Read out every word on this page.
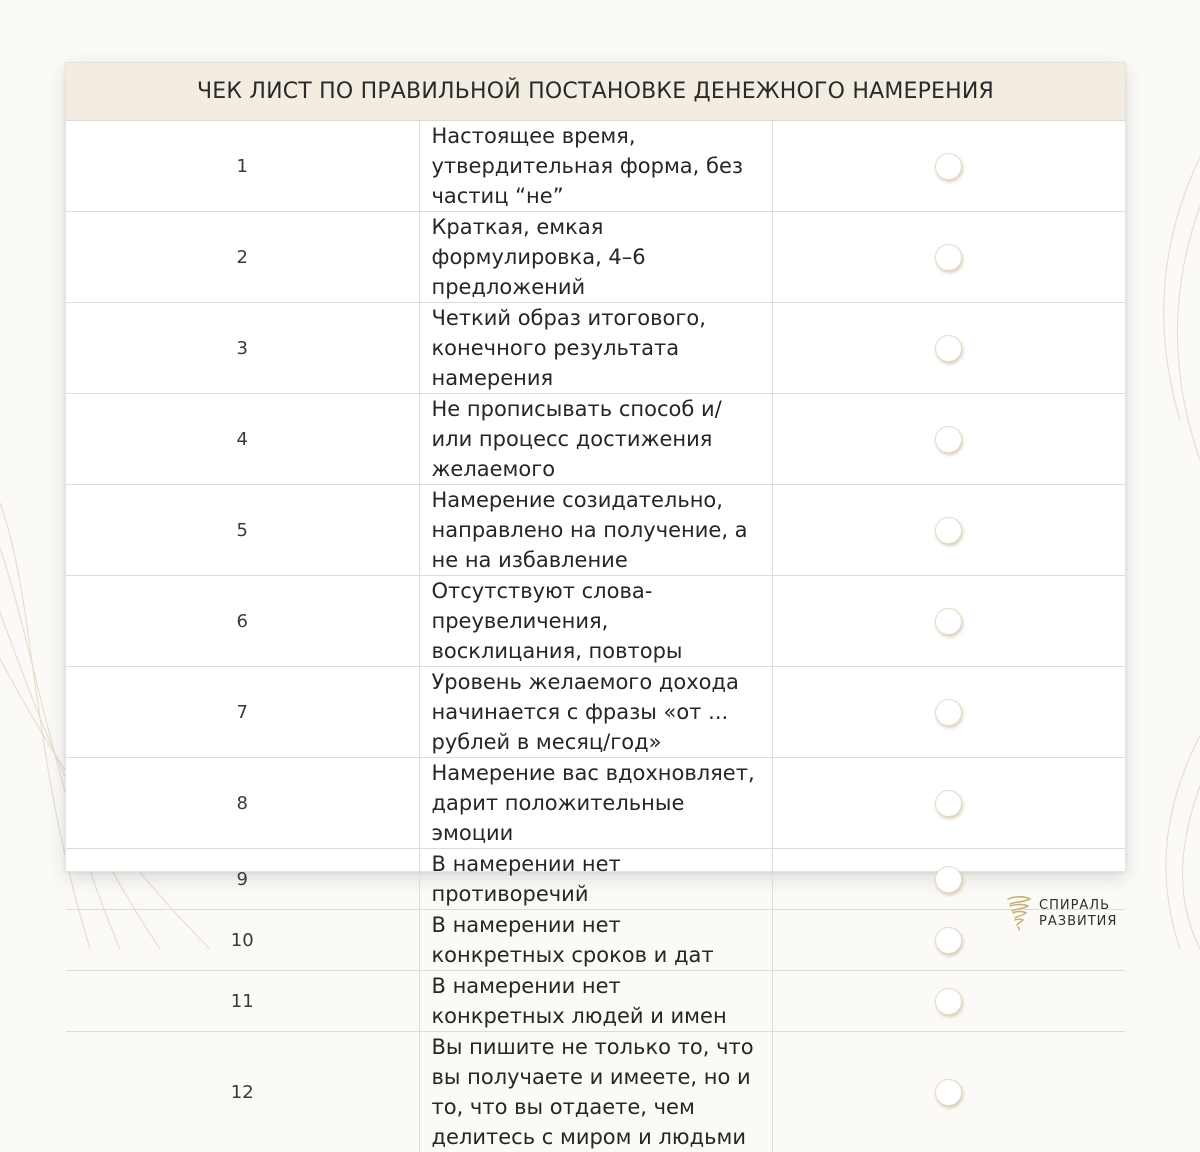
ЧЕК ЛИСТ ПО ПРАВИЛЬНОЙ ПОСТАНОВКЕ ДЕНЕЖНОГО НАМЕРЕНИЯ		
1	Настоящее время, утвердительная форма, без частиц “не”	
2	Краткая, емкая формулировка, 4–6 предложений	
3	Четкий образ итогового, конечного результата намерения	
4	Не прописывать способ и/или процесс достижения желаемого	
5	Намерение созидательно, направлено на получение, а не на избавление	
6	Отсутствуют слова-преувеличения, восклицания, повторы	
7	Уровень желаемого дохода начинается с фразы «от ... рублей в месяц/год»	
8	Намерение вас вдохновляет, дарит положительные эмоции	
9	В намерении нет противоречий	
10	В намерении нет конкретных сроков и дат	
11	В намерении нет конкретных людей и имен	
12	Вы пишите не только то, что вы получаете и имеете, но и то, что вы отдаете, чем делитесь с миром и людьми	
СПИРАЛЬ
РАЗВИТИЯ
